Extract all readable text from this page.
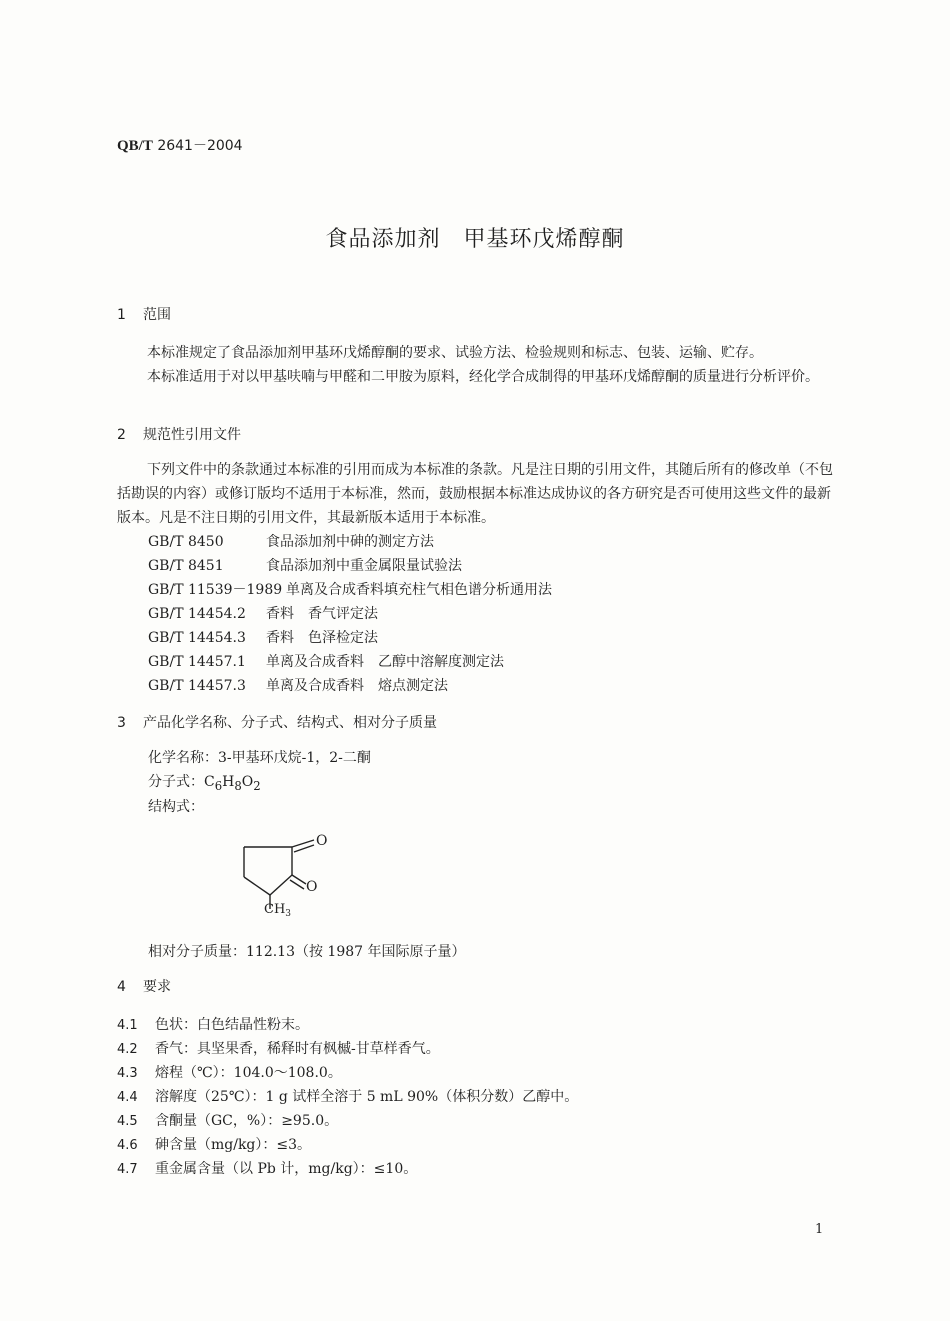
QB/T 2641－2004
食品添加剂　甲基环戊烯醇酮
1 范围

本标准规定了食品添加剂甲基环戊烯醇酮的要求、试验方法、检验规则和标志、包装、运输、贮存。

本标准适用于对以甲基呋喃与甲醛和二甲胺为原料，经化学合成制得的甲基环戊烯醇酮的质量进行分析评价。

2 规范性引用文件

下列文件中的条款通过本标准的引用而成为本标准的条款。凡是注日期的引用文件，其随后所有的修改单（不包括勘误的内容）或修订版均不适用于本标准，然而，鼓励根据本标准达成协议的各方研究是否可使用这些文件的最新版本。凡是不注日期的引用文件，其最新版本适用于本标准。

GB/T 8450	食品添加剂中砷的测定方法
GB/T 8451	食品添加剂中重金属限量试验法
GB/T 11539－1989 单离及合成香料填充柱气相色谱分析通用法
GB/T 14454.2 香料　香气评定法
GB/T 14454.3 香料　色泽检定法
GB/T 14457.1 单离及合成香料　乙醇中溶解度测定法
GB/T 14457.3 单离及合成香料　熔点测定法
3 产品化学名称、分子式、结构式、相对分子质量
化学名称：3-甲基环戊烷-1，2-二酮
分子式：$C_6H_8O_2$
结构式：
O
O
$CH_3$
相对分子质量：112.13（按 1987 年国际原子量）
4 要求
4.1 色状：白色结晶性粉末。
4.2 香气：具坚果香，稀释时有枫槭-甘草样香气。
4.3 熔程（℃）：104.0～108.0。
4.4 溶解度（25℃）：1 g 试样全溶于 5 mL 90%（体积分数）乙醇中。
4.5 含酮量（GC，%）：≥95.0。
4.6 砷含量（mg/kg）：≤3。
4.7 重金属含量（以 Pb 计，mg/kg）：≤10。
1
